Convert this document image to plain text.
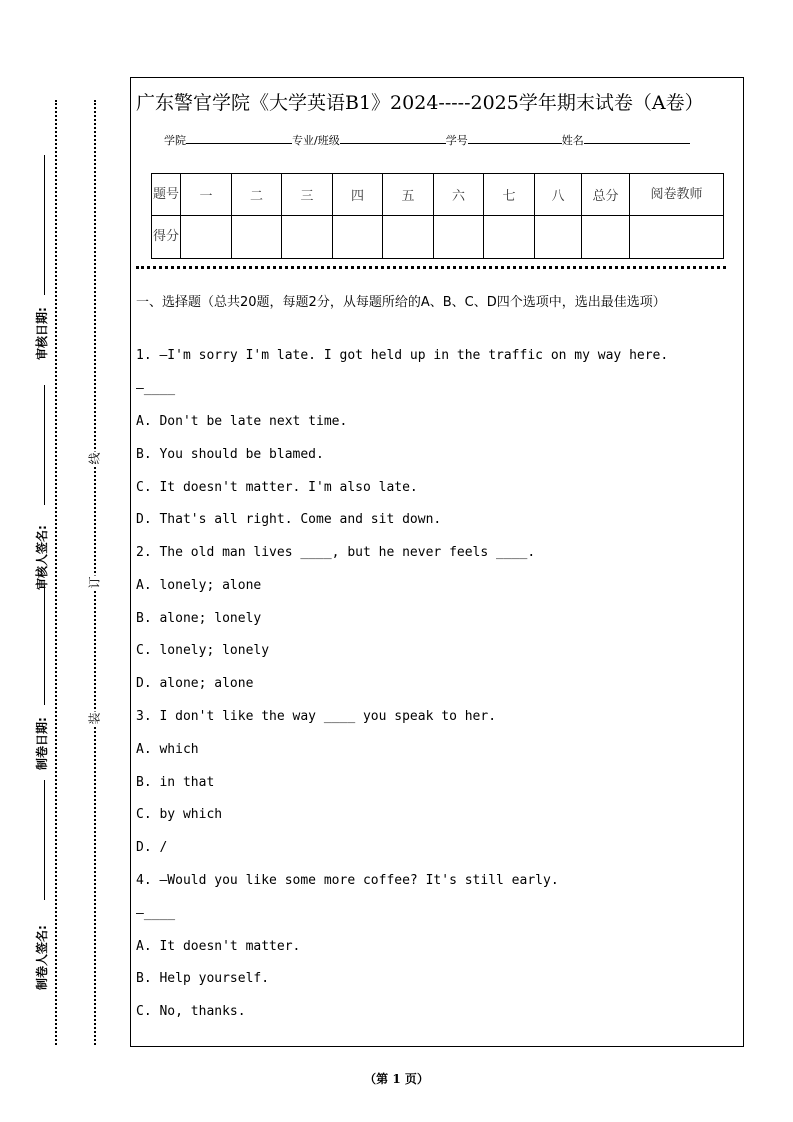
审核日期:
审核人签名:
制卷日期:
制卷人签名:
线
订
装
广东警官学院《大学英语B1》2024-----2025学年期末试卷（A卷）
学院	专业/班级	学号	姓名
题号	一	二	三	四	五	六	七	八	总分	阅卷教师
得分										
一、选择题（总共20题，每题2分，从每题所给的A、B、C、D四个选项中，选出最佳选项）
1. —I'm sorry I'm late. I got held up in the traffic on my way here.
—____
A. Don't be late next time.
B. You should be blamed.
C. It doesn't matter. I'm also late.
D. That's all right. Come and sit down.
2. The old man lives ____, but he never feels ____.
A. lonely; alone
B. alone; lonely
C. lonely; lonely
D. alone; alone
3. I don't like the way ____ you speak to her.
A. which
B. in that
C. by which
D. /
4. —Would you like some more coffee? It's still early.
—____
A. It doesn't matter.
B. Help yourself.
C. No, thanks.
（第 1 页）
